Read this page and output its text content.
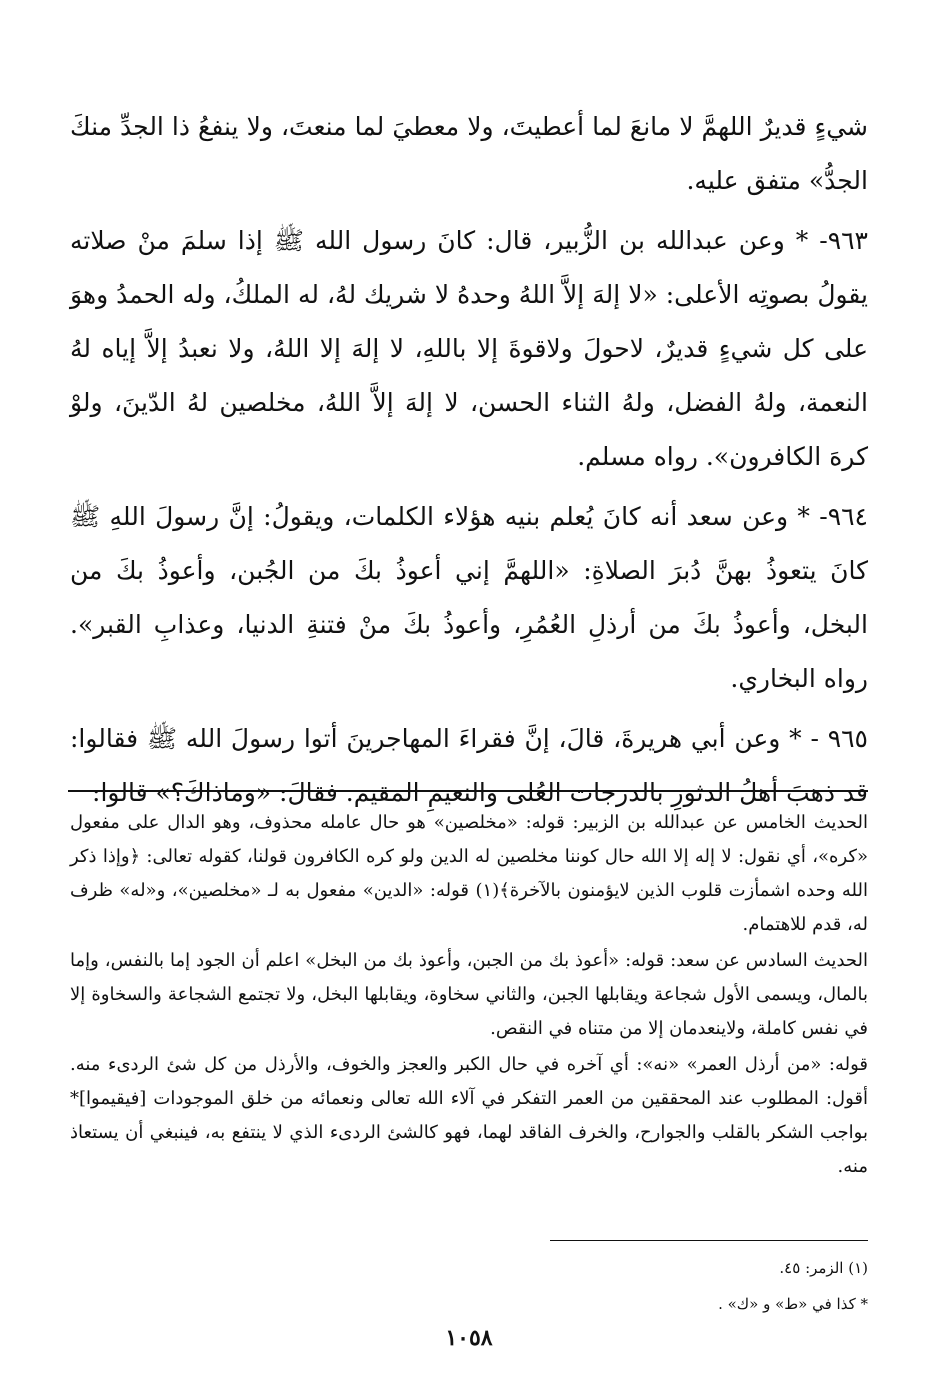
شيءٍ قديرٌ اللهمَّ لا مانعَ لما أعطيتَ، ولا معطيَ لما منعتَ، ولا ينفعُ ذا الجدِّ منكَ الجدُّ» متفق عليه.

٩٦٣- * وعن عبدالله بن الزُّبير، قال: كانَ رسول الله ﷺ إذا سلمَ منْ صلاته يقولُ بصوتِه الأعلى: «لا إلهَ إلاَّ اللهُ وحدهُ لا شريك لهُ، له الملكُ، وله الحمدُ وهوَ على كل شيءٍ قديرٌ، لاحولَ ولاقوةَ إلا باللهِ، لا إلهَ إلا اللهُ، ولا نعبدُ إلاَّ إياه لهُ النعمة، ولهُ الفضل، ولهُ الثناء الحسن، لا إلهَ إلاَّ اللهُ، مخلصين لهُ الدّينَ، ولوْ كرهَ الكافرون». رواه مسلم.

٩٦٤- * وعن سعد أنه كانَ يُعلم بنيه هؤلاء الكلمات، ويقولُ: إنَّ رسولَ اللهِ ﷺ كانَ يتعوذُ بهنَّ دُبرَ الصلاةِ: «اللهمَّ إني أعوذُ بكَ من الجُبن، وأعوذُ بكَ من البخل، وأعوذُ بكَ من أرذلِ العُمُرِ، وأعوذُ بكَ منْ فتنةِ الدنيا، وعذابِ القبر». رواه البخاري.

٩٦٥ - * وعن أبي هريرةَ، قالَ، إنَّ فقراءَ المهاجرينَ أتوا رسولَ الله ﷺ فقالوا: قد ذهبَ أهلُ الدثورِ بالدرجات العُلى والنعيمِ المقيم. فقالَ: «وماذاكَ؟» قالوا:

الحديث الخامس عن عبدالله بن الزبير: قوله: «مخلصين» هو حال عامله محذوف، وهو الدال على مفعول «كره»، أي نقول: لا إله إلا الله حال كوننا مخلصين له الدين ولو كره الكافرون قولنا، كقوله تعالى: ﴿وإذا ذكر الله وحده اشمأزت قلوب الذين لايؤمنون بالآخرة﴾(١) قوله: «الدين» مفعول به لـ «مخلصين»، و«له» ظرف له، قدم للاهتمام.

الحديث السادس عن سعد: قوله: «أعوذ بك من الجبن، وأعوذ بك من البخل» اعلم أن الجود إما بالنفس، وإما بالمال، ويسمى الأول شجاعة ويقابلها الجبن، والثاني سخاوة، ويقابلها البخل، ولا تجتمع الشجاعة والسخاوة إلا في نفس كاملة، ولاينعدمان إلا من متناه في النقص.

قوله: «من أرذل العمر» «نه»: أي آخره في حال الكبر والعجز والخوف، والأرذل من كل شئ الردىء منه. أقول: المطلوب عند المحققين من العمر التفكر في آلاء الله تعالى ونعمائه من خلق الموجودات [فيقيموا]* بواجب الشكر بالقلب والجوارح، والخرف الفاقد لهما، فهو كالشئ الردىء الذي لا ينتفع به، فينبغي أن يستعاذ منه.

(١) الزمر: ٤٥.

* كذا في «ط» و «ك» .

١٠٥٨
